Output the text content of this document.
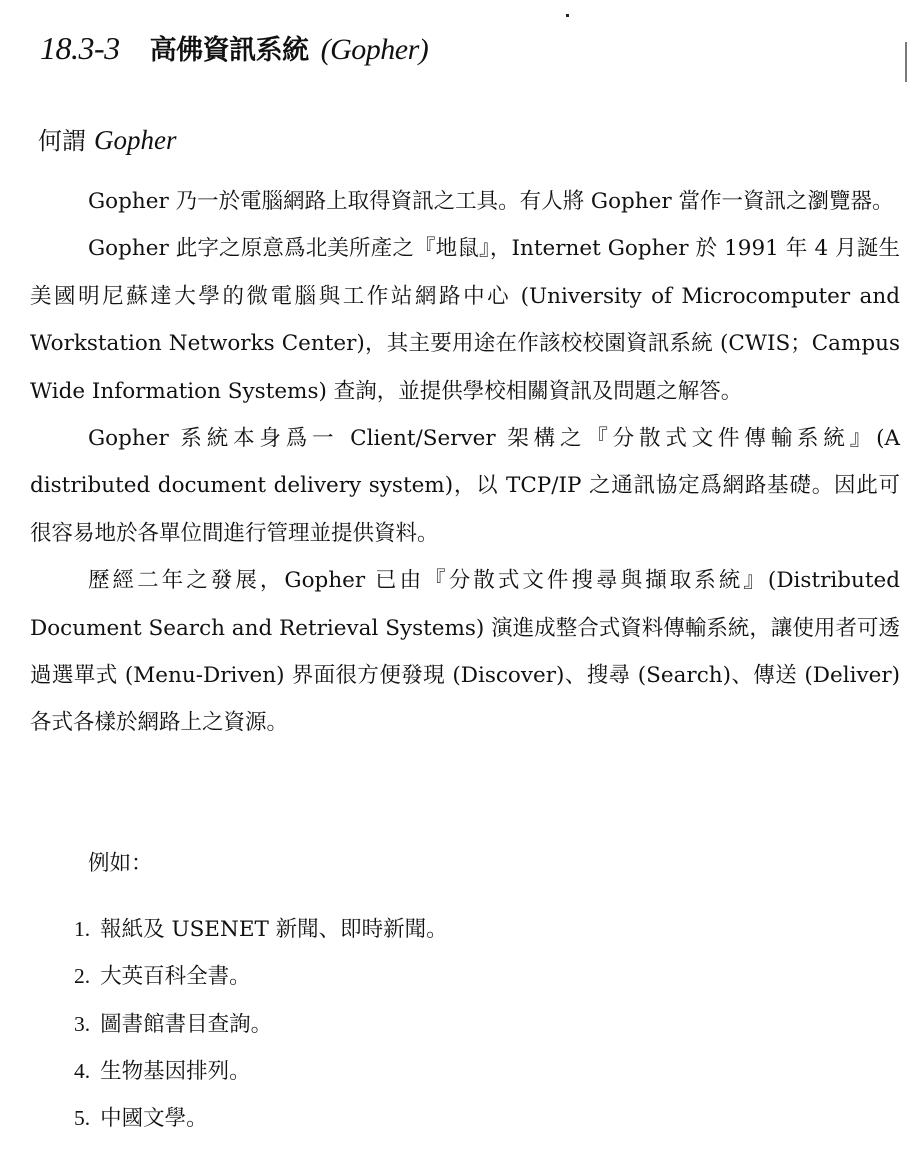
18.3-3 高佛資訊系統 (Gopher)
何謂 Gopher

Gopher 乃一於電腦網路上取得資訊之工具。有人將 Gopher 當作一資訊之瀏覽器。

Gopher 此字之原意爲北美所產之『地鼠』，Internet Gopher 於 1991 年 4 月誕生美國明尼蘇達大學的微電腦與工作站網路中心 (University of Microcomputer and Workstation Networks Center)，其主要用途在作該校校園資訊系統 (CWIS；Campus Wide Information Systems) 查詢，並提供學校相關資訊及問題之解答。

Gopher 系統本身爲一 Client/Server 架構之『分散式文件傳輸系統』(A distributed document delivery system)，以 TCP/IP 之通訊協定爲網路基礎。因此可很容易地於各單位間進行管理並提供資料。

歷經二年之發展，Gopher 已由『分散式文件搜尋與擷取系統』(Distributed Document Search and Retrieval Systems) 演進成整合式資料傳輸系統，讓使用者可透過選單式 (Menu-Driven) 界面很方便發現 (Discover)、搜尋 (Search)、傳送 (Deliver) 各式各樣於網路上之資源。

例如：
1. 報紙及 USENET 新聞、即時新聞。
2. 大英百科全書。
3. 圖書館書目查詢。
4. 生物基因排列。
5. 中國文學。
